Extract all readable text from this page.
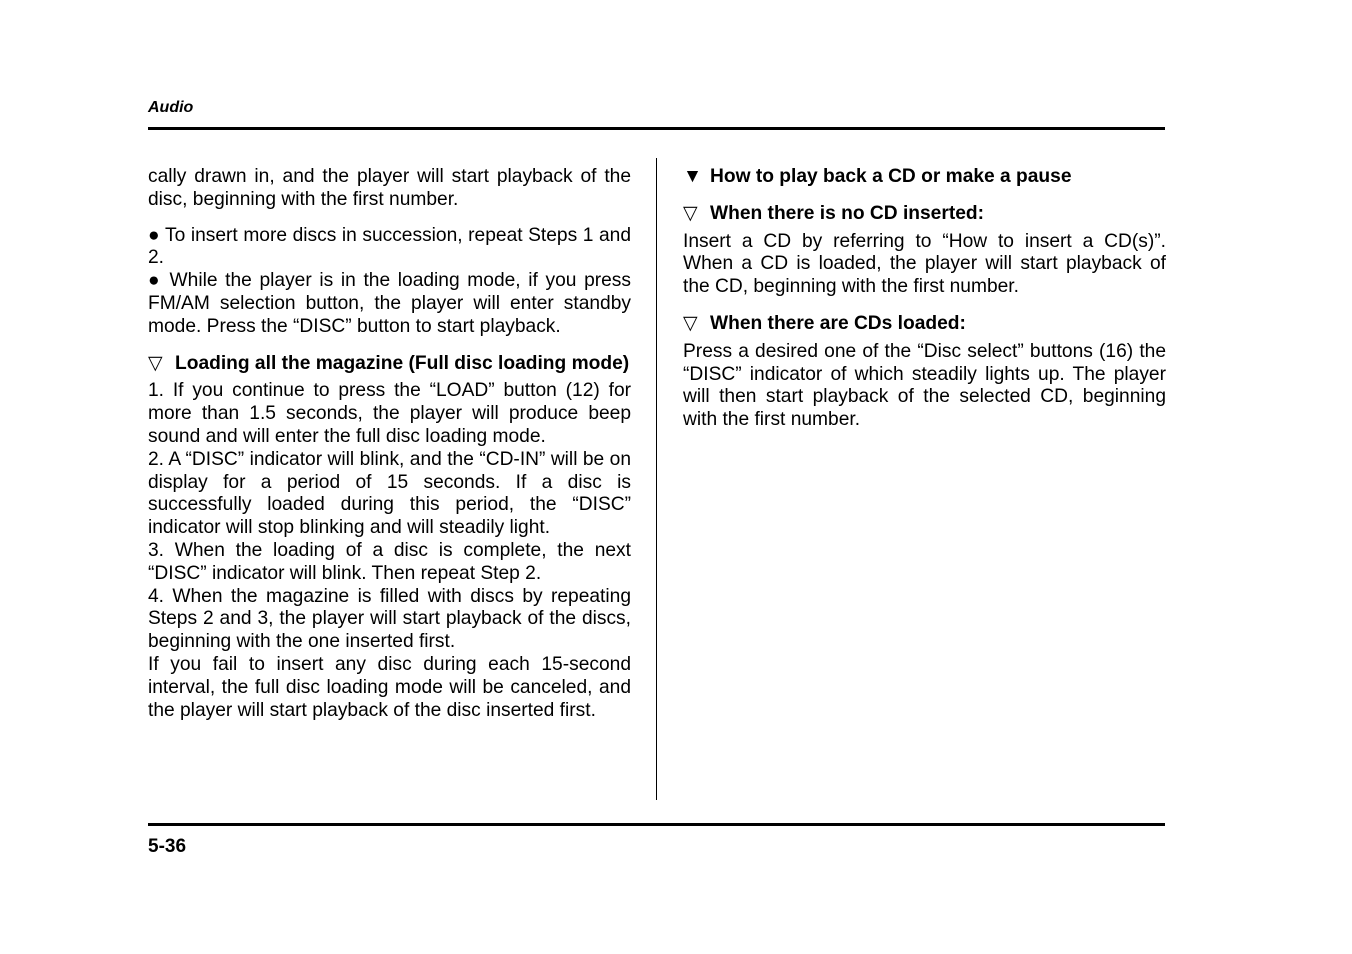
Audio

cally drawn in, and the player will start playback of the disc, beginning with the first number.

● To insert more discs in succession, repeat Steps 1 and 2.

● While the player is in the loading mode, if you press FM/AM selection button, the player will enter standby mode. Press the “DISC” button to start playback.

▽ Loading all the magazine (Full disc loading mode)

1. If you continue to press the “LOAD” button (12) for more than 1.5 seconds, the player will produce beep sound and will enter the full disc loading mode.

2. A “DISC” indicator will blink, and the “CD-IN” will be on display for a period of 15 seconds. If a disc is successfully loaded during this period, the “DISC” indicator will stop blinking and will steadily light.

3. When the loading of a disc is complete, the next “DISC” indicator will blink. Then repeat Step 2.

4. When the magazine is filled with discs by repeating Steps 2 and 3, the player will start playback of the discs, beginning with the one inserted first.

If you fail to insert any disc during each 15-second interval, the full disc loading mode will be canceled, and the player will start playback of the disc inserted first.

▼ How to play back a CD or make a pause
▽ When there is no CD inserted:

Insert a CD by referring to “How to insert a CD(s)”. When a CD is loaded, the player will start playback of the CD, beginning with the first number.

▽ When there are CDs loaded:

Press a desired one of the “Disc select” buttons (16) the “DISC” indicator of which steadily lights up. The player will then start playback of the selected CD, beginning with the first number.

5-36
